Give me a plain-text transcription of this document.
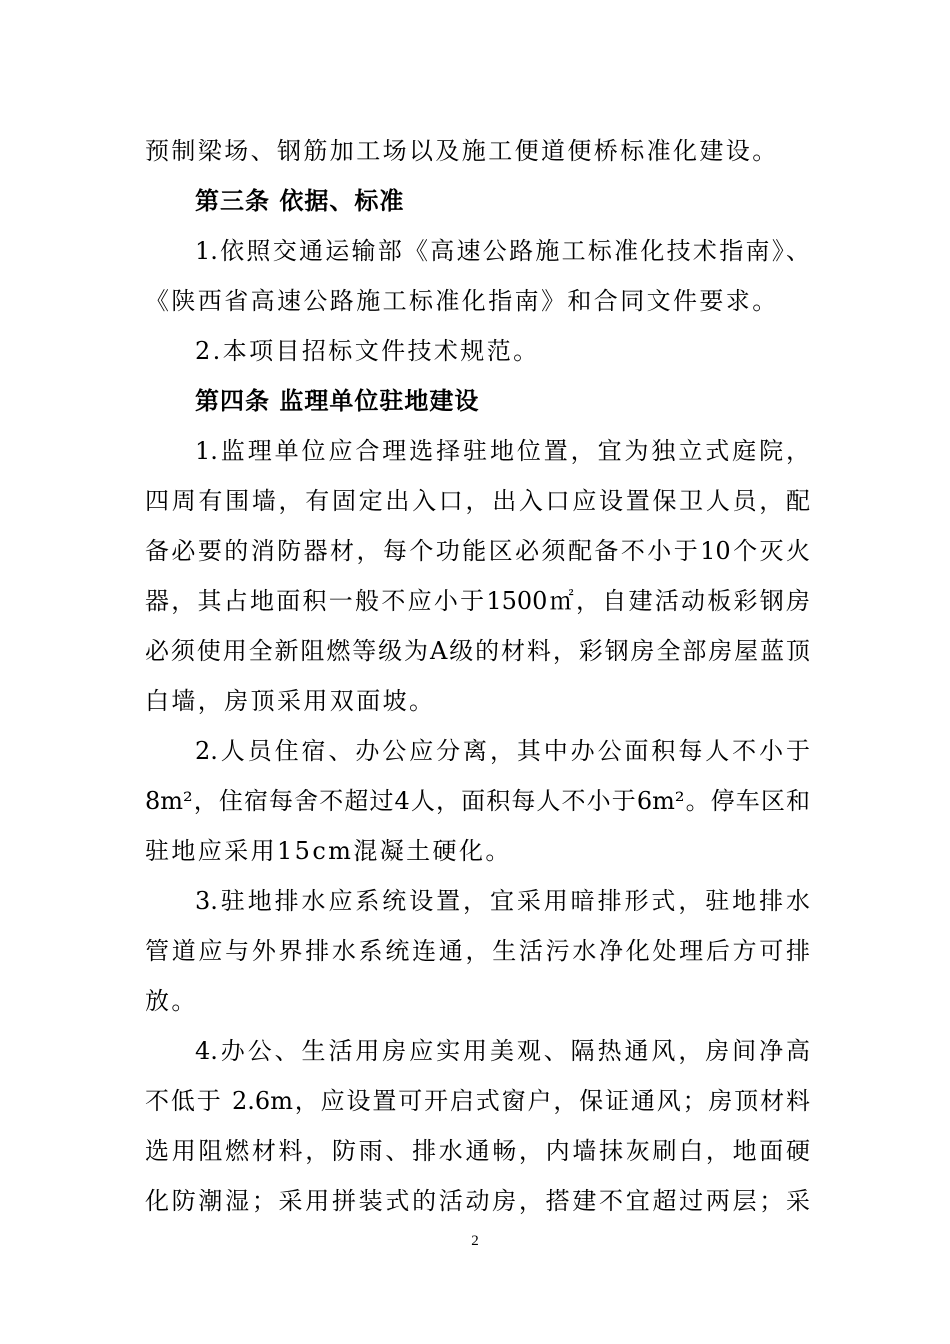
预制梁场、钢筋加工场以及施工便道便桥标准化建设。
第三条 依据、标准
1.依照交通运输部《高速公路施工标准化技术指南》、
《陕西省高速公路施工标准化指南》和合同文件要求。
2.本项目招标文件技术规范。
第四条 监理单位驻地建设
1.监理单位应合理选择驻地位置，宜为独立式庭院，
四周有围墙，有固定出入口，出入口应设置保卫人员，配
备必要的消防器材，每个功能区必须配备不小于10个灭火
器，其占地面积一般不应小于1500㎡，自建活动板彩钢房
必须使用全新阻燃等级为A级的材料，彩钢房全部房屋蓝顶
白墙，房顶采用双面坡。
2.人员住宿、办公应分离，其中办公面积每人不小于
8m²，住宿每舍不超过4人，面积每人不小于6m²。停车区和
驻地应采用15cm混凝土硬化。
3.驻地排水应系统设置，宜采用暗排形式，驻地排水
管道应与外界排水系统连通，生活污水净化处理后方可排
放。
4.办公、生活用房应实用美观、隔热通风，房间净高
不低于 2.6m，应设置可开启式窗户，保证通风；房顶材料
选用阻燃材料，防雨、排水通畅，内墙抹灰刷白，地面硬
化防潮湿；采用拼装式的活动房，搭建不宜超过两层；采
2
